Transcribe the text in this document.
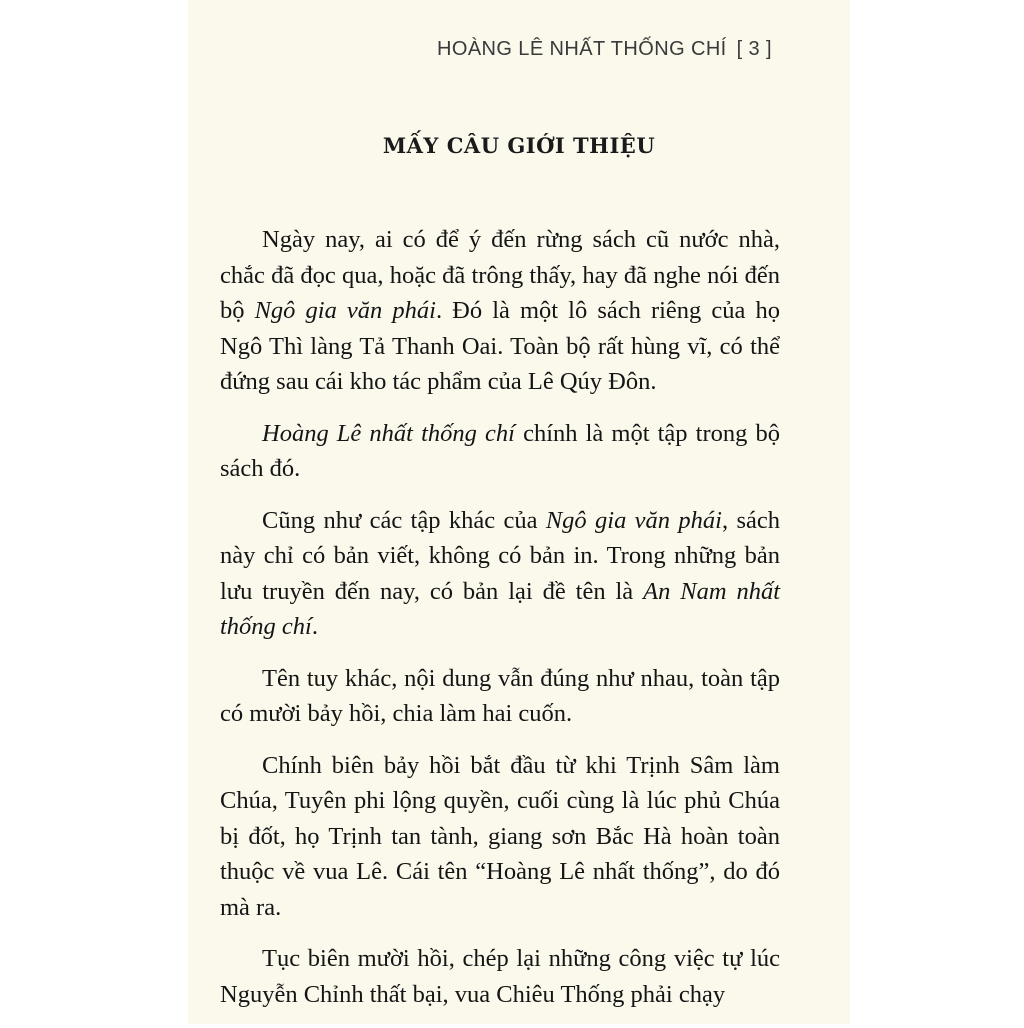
HOÀNG LÊ NHẤT THỐNG CHÍ [ 3 ]
MẤY CÂU GIỚI THIỆU

Ngày nay, ai có để ý đến rừng sách cũ nước nhà, chắc đã đọc qua, hoặc đã trông thấy, hay đã nghe nói đến bộ Ngô gia văn phái. Đó là một lô sách riêng của họ Ngô Thì làng Tả Thanh Oai. Toàn bộ rất hùng vĩ, có thể đứng sau cái kho tác phẩm của Lê Qúy Đôn.

Hoàng Lê nhất thống chí chính là một tập trong bộ sách đó.

Cũng như các tập khác của Ngô gia văn phái, sách này chỉ có bản viết, không có bản in. Trong những bản lưu truyền đến nay, có bản lại đề tên là An Nam nhất thống chí.

Tên tuy khác, nội dung vẫn đúng như nhau, toàn tập có mười bảy hồi, chia làm hai cuốn.

Chính biên bảy hồi bắt đầu từ khi Trịnh Sâm làm Chúa, Tuyên phi lộng quyền, cuối cùng là lúc phủ Chúa bị đốt, họ Trịnh tan tành, giang sơn Bắc Hà hoàn toàn thuộc về vua Lê. Cái tên “Hoàng Lê nhất thống”, do đó mà ra.

Tục biên mười hồi, chép lại những công việc tự lúc Nguyễn Chỉnh thất bại, vua Chiêu Thống phải chạy
